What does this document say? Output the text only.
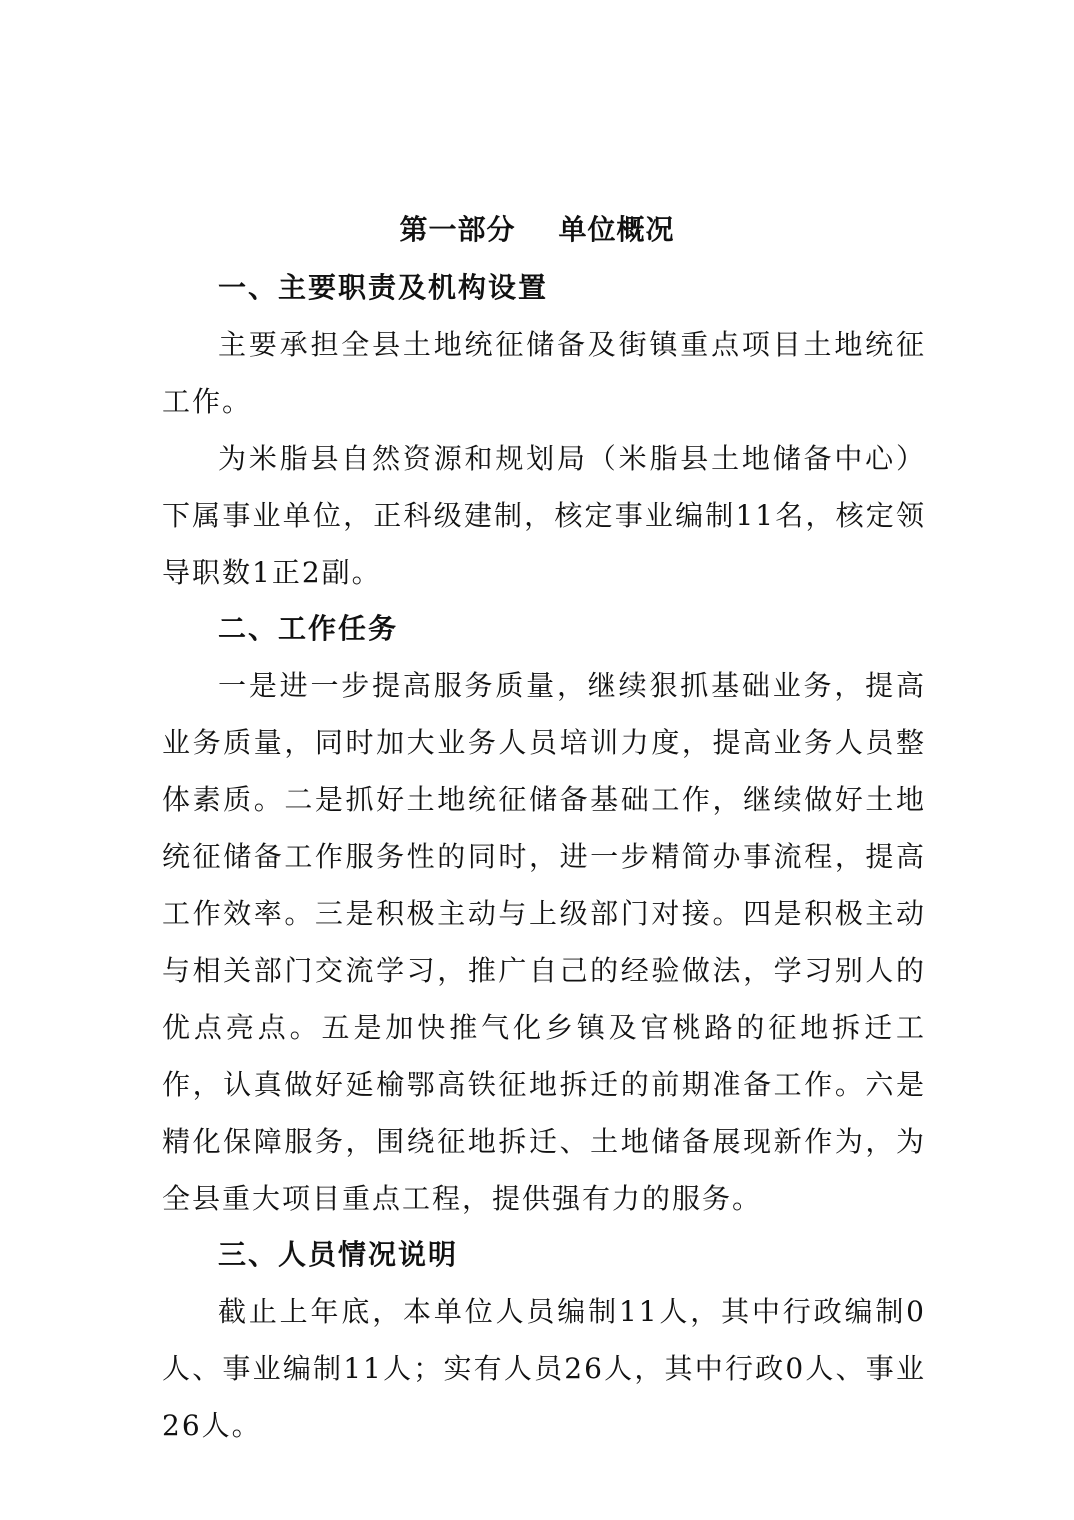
第一部分    单位概况
一、主要职责及机构设置

主要承担全县土地统征储备及街镇重点项目土地统征工作。

为米脂县自然资源和规划局（米脂县土地储备中心）下属事业单位，正科级建制，核定事业编制11名，核定领导职数1正2副。

二、工作任务

一是进一步提高服务质量，继续狠抓基础业务，提高业务质量，同时加大业务人员培训力度，提高业务人员整体素质。二是抓好土地统征储备基础工作，继续做好土地统征储备工作服务性的同时，进一步精简办事流程，提高工作效率。三是积极主动与上级部门对接。四是积极主动与相关部门交流学习，推广自己的经验做法，学习别人的优点亮点。五是加快推气化乡镇及官桃路的征地拆迁工作，认真做好延榆鄂高铁征地拆迁的前期准备工作。六是精化保障服务，围绕征地拆迁、土地储备展现新作为，为全县重大项目重点工程，提供强有力的服务。

三、人员情况说明

截止上年底，本单位人员编制11人，其中行政编制0人、事业编制11人；实有人员26人，其中行政0人、事业26人。
